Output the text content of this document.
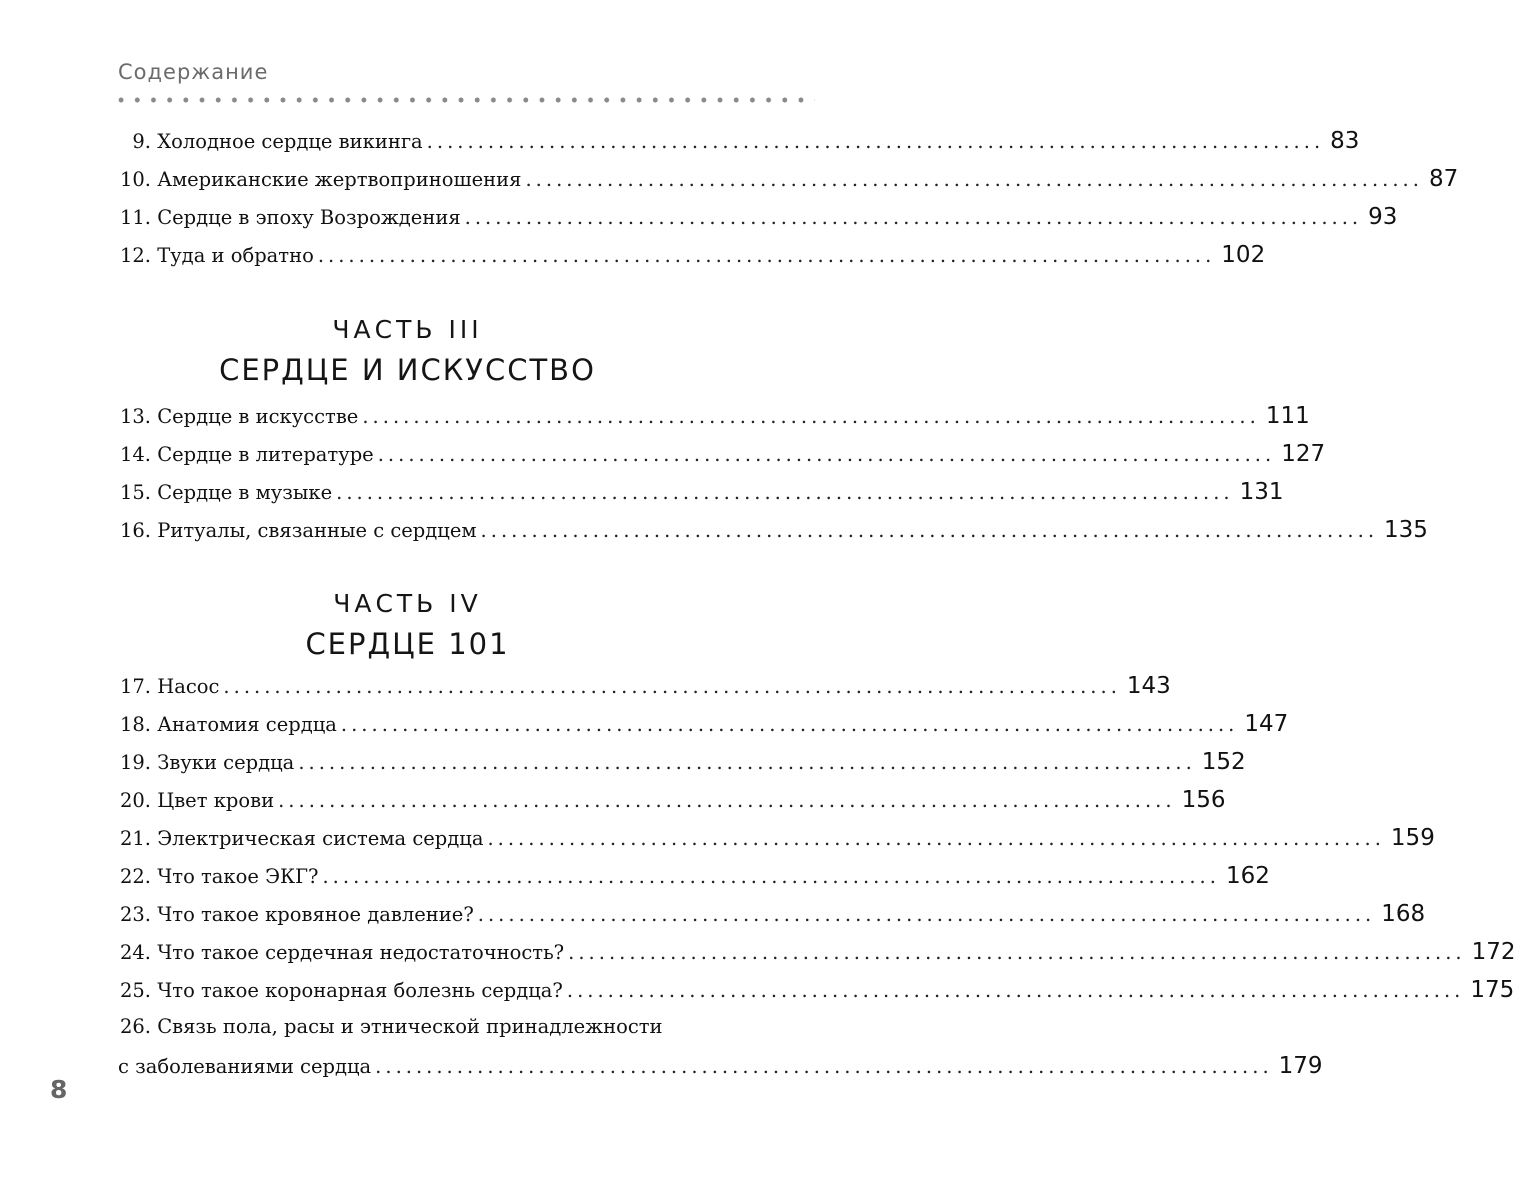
Содержание
9. Холодное сердце викинга ........................................................................................ 83
10. Американские жертвоприношения ........................................................................................ 87
11. Сердце в эпоху Возрождения ........................................................................................ 93
12. Туда и обратно ........................................................................................ 102
ЧАСТЬ III
СЕРДЦЕ И ИСКУССТВО
13. Сердце в искусстве ........................................................................................ 111
14. Сердце в литературе ........................................................................................ 127
15. Сердце в музыке ........................................................................................ 131
16. Ритуалы, связанные с сердцем ........................................................................................ 135
ЧАСТЬ IV
СЕРДЦЕ 101
17. Насос ........................................................................................ 143
18. Анатомия сердца ........................................................................................ 147
19. Звуки сердца ........................................................................................ 152
20. Цвет крови ........................................................................................ 156
21. Электрическая система сердца ........................................................................................ 159
22. Что такое ЭКГ? ........................................................................................ 162
23. Что такое кровяное давление? ........................................................................................ 168
24. Что такое сердечная недостаточность? ........................................................................................ 172
25. Что такое коронарная болезнь сердца? ........................................................................................ 175
26.
Связь пола, расы и этнической принадлежности
с заболеваниями сердца ........................................................................................ 179
8
